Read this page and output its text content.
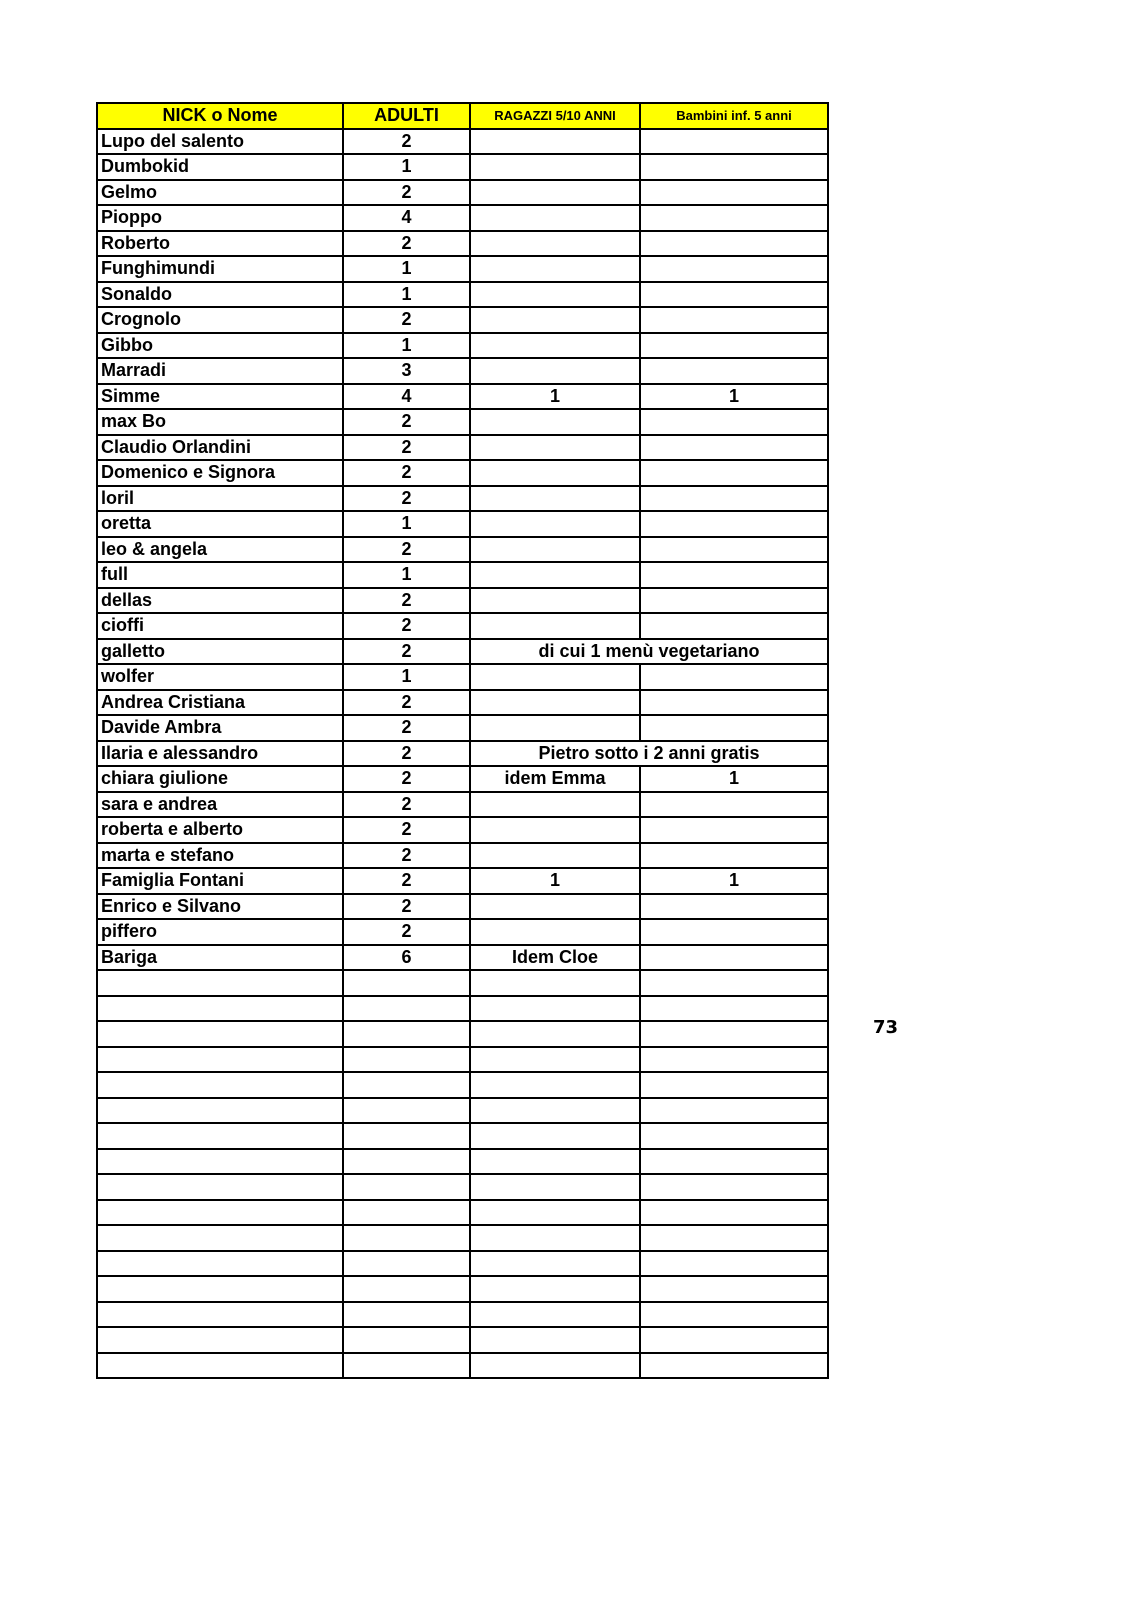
NICK o Nome	ADULTI	RAGAZZI 5/10 ANNI	Bambini inf. 5 anni
Lupo del salento	2		
Dumbokid	1		
Gelmo	2		
Pioppo	4		
Roberto	2		
Funghimundi	1		
Sonaldo	1		
Crognolo	2		
Gibbo	1		
Marradi	3		
Simme	4	1	1
max Bo	2		
Claudio Orlandini	2		
Domenico e Signora	2		
loril	2		
oretta	1		
leo & angela	2		
full	1		
dellas	2		
cioffi	2		
galletto	2	di cui 1 menù vegetariano	
wolfer	1		
Andrea Cristiana	2		
Davide Ambra	2		
Ilaria e alessandro	2	Pietro sotto i 2 anni gratis	
chiara giulione	2	idem Emma	1
sara e andrea	2		
roberta e alberto	2		
marta e stefano	2		
Famiglia Fontani	2	1	1
Enrico e Silvano	2		
piffero	2		
Bariga	6	Idem Cloe	

73
